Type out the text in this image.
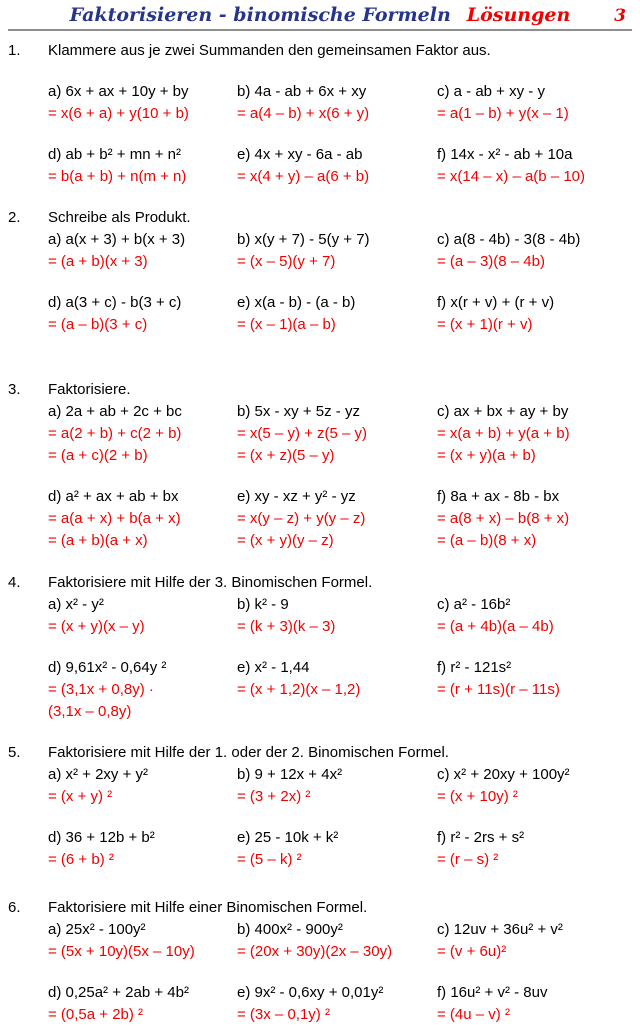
Faktorisieren - binomische Formeln Lösungen	3
1.	Klammere aus je zwei Summanden den gemeinsamen Faktor aus.
a) 6x + ax + 10y + by
= x(6 + a) + y(10 + b)
b) 4a - ab + 6x + xy
= a(4 – b) + x(6 + y)
c) a - ab + xy - y
= a(1 – b) + y(x – 1)
d) ab + b² + mn + n²
= b(a + b) + n(m + n)
e) 4x + xy - 6a - ab
= x(4 + y) – a(6 + b)
f) 14x - x² - ab + 10a
= x(14 – x) – a(b – 10)
2.	Schreibe als Produkt.
a) a(x + 3) + b(x + 3)
= (a + b)(x + 3)
b) x(y + 7) - 5(y + 7)
= (x – 5)(y + 7)
c) a(8 - 4b) - 3(8 - 4b)
= (a – 3)(8 – 4b)
d) a(3 + c) - b(3 + c)
= (a – b)(3 + c)
e) x(a - b) - (a - b)
= (x – 1)(a – b)
f) x(r + v) + (r + v)
= (x + 1)(r + v)
3.	Faktorisiere.
a) 2a + ab + 2c + bc
= a(2 + b) + c(2 + b)
= (a + c)(2 + b)
b) 5x - xy + 5z - yz
= x(5 – y) + z(5 – y)
= (x + z)(5 – y)
c) ax + bx + ay + by
= x(a + b) + y(a + b)
= (x + y)(a + b)
d) a² + ax + ab + bx
= a(a + x) + b(a + x)
= (a + b)(a + x)
e) xy - xz + y² - yz
= x(y – z) + y(y – z)
= (x + y)(y – z)
f) 8a + ax - 8b - bx
= a(8 + x) – b(8 + x)
= (a – b)(8 + x)
4.	Faktorisiere mit Hilfe der 3. Binomischen Formel.
a) x² - y²
= (x + y)(x – y)
b) k² - 9
= (k + 3)(k – 3)
c) a² - 16b²
= (a + 4b)(a – 4b)
d) 9,61x² - 0,64y ²
= (3,1x + 0,8y) ·
(3,1x – 0,8y)
e) x² - 1,44
= (x + 1,2)(x – 1,2)
f) r² - 121s²
= (r + 11s)(r – 11s)
5.	Faktorisiere mit Hilfe der 1. oder der 2. Binomischen Formel.
a) x² + 2xy + y²
= (x + y) ²
b) 9 + 12x + 4x²
= (3 + 2x) ²
c) x² + 20xy + 100y²
= (x + 10y) ²
d) 36 + 12b + b²
= (6 + b) ²
e) 25 - 10k + k²
= (5 – k) ²
f) r² - 2rs + s²
= (r – s) ²
6.	Faktorisiere mit Hilfe einer Binomischen Formel.
a) 25x² - 100y²
= (5x + 10y)(5x – 10y)
b) 400x² - 900y²
= (20x + 30y)(2x – 30y)
c) 12uv + 36u² + v²
= (v + 6u)²
d) 0,25a² + 2ab + 4b²
= (0,5a + 2b) ²
e) 9x² - 0,6xy + 0,01y²
= (3x – 0,1y) ²
f) 16u² + v² - 8uv
= (4u – v) ²
